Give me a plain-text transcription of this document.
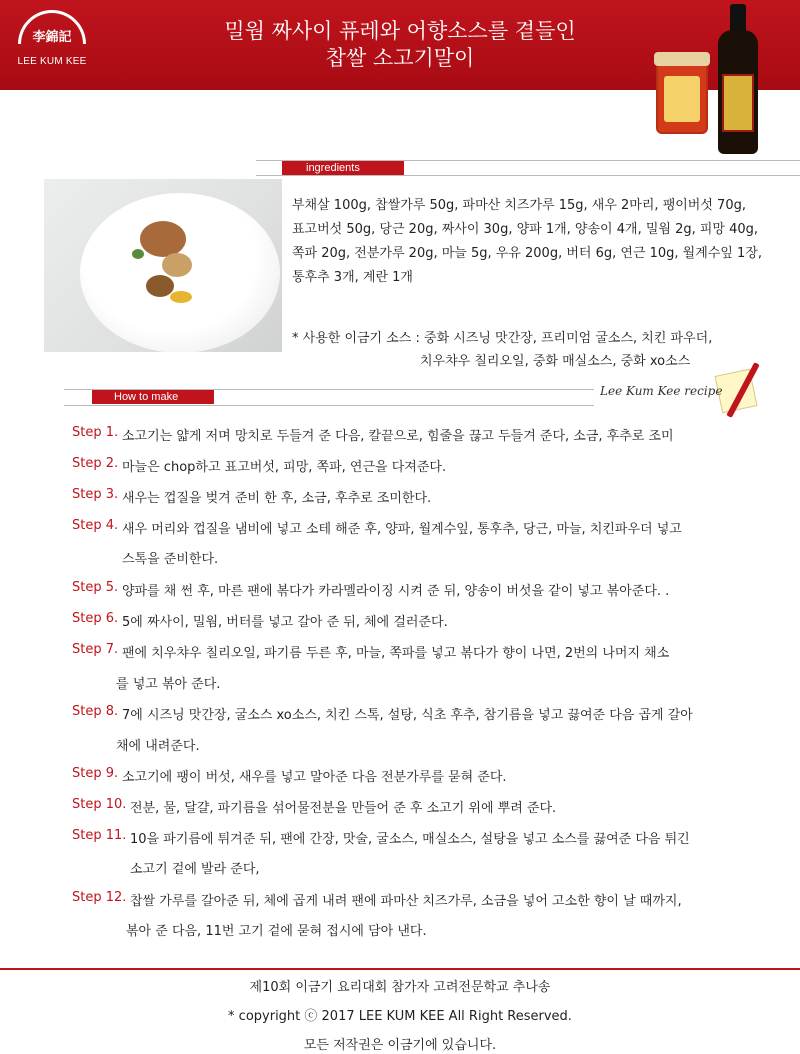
李錦記
LEE KUM KEE
밀웜 짜사이 퓨레와 어향소스를 곁들인
찹쌀 소고기말이
ingredients
부채살 100g, 찹쌀가루 50g, 파마산 치즈가루 15g, 새우 2마리, 팽이버섯 70g,
표고버섯 50g, 당근 20g, 짜사이 30g, 양파 1개, 양송이 4개, 밀웜 2g, 피망 40g,
쪽파 20g, 전분가루 20g, 마늘 5g, 우유 200g, 버터 6g, 연근 10g, 월계수잎 1장,
통후추 3개, 계란 1개
* 사용한 이금기 소스 : 중화 시즈닝 맛간장, 프리미엄 굴소스, 치킨 파우더,
치우챠우 칠리오일, 중화 매실소스, 중화 xo소스
How to make	Lee Kum Kee recipe
Step 1. 소고기는 얇게 저며 망치로 두들겨 준 다음, 칼끝으로, 힘줄을 끊고 두들겨 준다, 소금, 후추로 조미
Step 2. 마늘은 chop하고 표고버섯, 피망, 쪽파, 연근을 다져준다.
Step 3. 새우는 껍질을 벚겨 준비 한 후, 소금, 후추로 조미한다.
Step 4. 새우 머리와 껍질을 냄비에 넣고 소테 해준 후, 양파, 월계수잎, 통후추, 당근, 마늘, 치킨파우더 넣고
스톡을 준비한다.
Step 5. 양파를 채 썬 후, 마른 팬에 볶다가 카라멜라이징 시켜 준 뒤, 양송이 버섯을 같이 넣고 볶아준다. .
Step 6. 5에 짜사이, 밀웜, 버터를 넣고 갈아 준 뒤, 체에 걸러준다.
Step 7. 팬에 치우챠우 칠리오일, 파기름 두른 후, 마늘, 쪽파를 넣고 볶다가 향이 나면, 2번의 나머지 채소
를 넣고 볶아 준다.
Step 8. 7에 시즈닝 맛간장, 굴소스 xo소스, 치킨 스톡, 설탕, 식초 후추, 참기름을 넣고 끓여준 다음 곱게 갈아
채에 내려준다.
Step 9. 소고기에 팽이 버섯, 새우를 넣고 말아준 다음 전분가루를 묻혀 준다.
Step 10. 전분, 물, 달걀, 파기름을 섞어물전분을 만들어 준 후 소고기 위에 뿌려 준다.
Step 11. 10을 파기름에 튀겨준 뒤, 팬에 간장, 맛술, 굴소스, 매실소스, 설탕을 넣고 소스를 끓여준 다음 튀긴
소고기 겉에 발라 준다,
Step 12. 찹쌀 가루를 갈아준 뒤, 체에 곱게 내려 팬에 파마산 치즈가루, 소금을 넣어 고소한 향이 날 때까지,
볶아 준 다음, 11번 고기 겉에 묻혀 접시에 담아 낸다.
제10회 이금기 요리대회 참가자 고려전문학교 추나송
* copyright ⓒ 2017 LEE KUM KEE All Right Reserved.
모든 저작권은 이금기에 있습니다.
